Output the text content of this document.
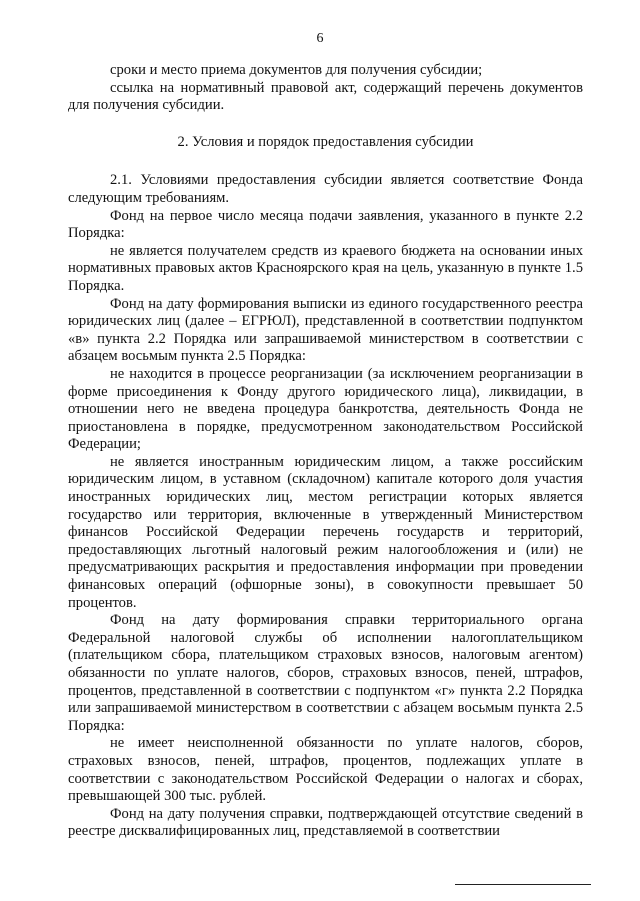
6

сроки и место приема документов для получения субсидии;

ссылка на нормативный правовой акт, содержащий перечень документов для получения субсидии.

2. Условия и порядок предоставления субсидии

2.1. Условиями предоставления субсидии является соответствие Фонда следующим требованиям.

Фонд на первое число месяца подачи заявления, указанного в пункте 2.2 Порядка:

не является получателем средств из краевого бюджета на основании иных нормативных правовых актов Красноярского края на цель, указанную в пункте 1.5 Порядка.

Фонд на дату формирования выписки из единого государственного реестра юридических лиц (далее – ЕГРЮЛ), представленной в соответствии подпунктом «в» пункта 2.2 Порядка или запрашиваемой министерством в соответствии с абзацем восьмым пункта 2.5 Порядка:

не находится в процессе реорганизации (за исключением реорганизации в форме присоединения к Фонду другого юридического лица), ликвидации, в отношении него не введена процедура банкротства, деятельность Фонда не приостановлена в порядке, предусмотренном законодательством Российской Федерации;

не является иностранным юридическим лицом, а также российским юридическим лицом, в уставном (складочном) капитале которого доля участия иностранных юридических лиц, местом регистрации которых является государство или территория, включенные в утвержденный Министерством финансов Российской Федерации перечень государств и территорий, предоставляющих льготный налоговый режим налогообложения и (или) не предусматривающих раскрытия и предоставления информации при проведении финансовых операций (офшорные зоны), в совокупности превышает 50 процентов.

Фонд на дату формирования справки территориального органа Федеральной налоговой службы об исполнении налогоплательщиком (плательщиком сбора, плательщиком страховых взносов, налоговым агентом) обязанности по уплате налогов, сборов, страховых взносов, пеней, штрафов, процентов, представленной в соответствии с подпунктом «г» пункта 2.2 Порядка или запрашиваемой министерством в соответствии с абзацем восьмым пункта 2.5 Порядка:

не имеет неисполненной обязанности по уплате налогов, сборов, страховых взносов, пеней, штрафов, процентов, подлежащих уплате в соответствии с законодательством Российской Федерации о налогах и сборах, превышающей 300 тыс. рублей.

Фонд на дату получения справки, подтверждающей отсутствие сведений в реестре дисквалифицированных лиц, представляемой в соответствии
